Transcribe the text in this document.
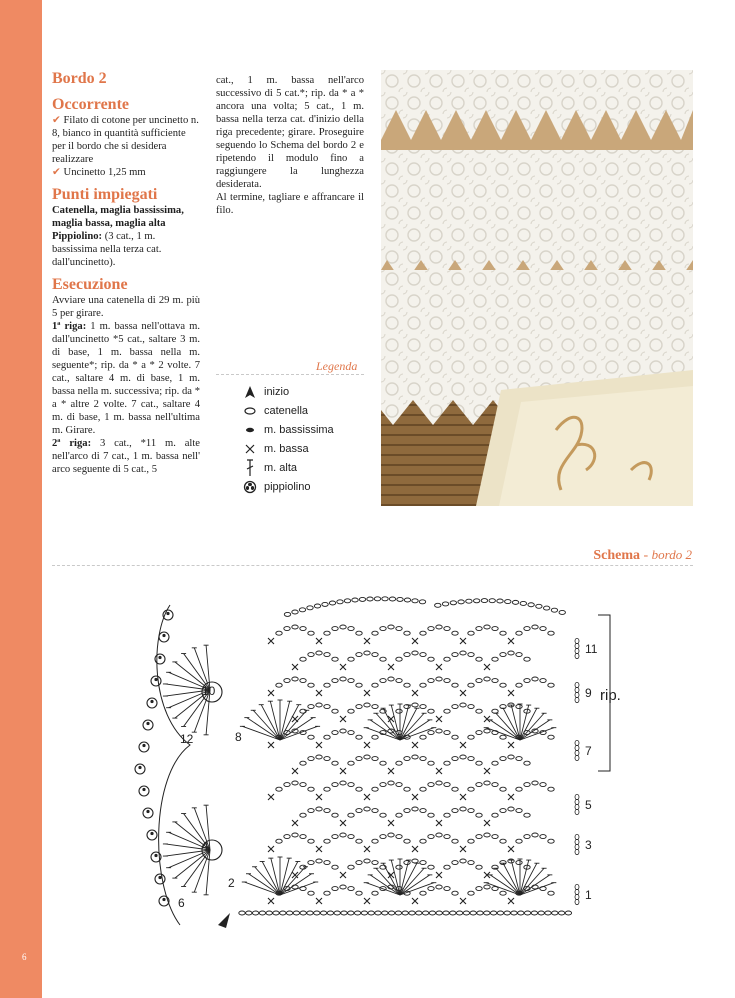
6
Bordo 2
Occorrente

✔ Filato di cotone per uncinetto n. 8, bianco in quantità sufficiente per il bordo che si desidera realizzare

✔ Uncinetto 1,25 mm

Punti impiegati

Catenella, maglia bassissima, maglia bassa, maglia alta

Pippiolino: (3 cat., 1 m. bassissima nella terza cat. dall'uncinetto).

Esecuzione

Avviare una catenella di 29 m. più 5 per girare.

1ª riga: 1 m. bassa nell'ottava m. dall'uncinetto *5 cat., saltare 3 m. di base, 1 m. bassa nella m. seguente*; rip. da * a * 2 volte. 7 cat., saltare 4 m. di base, 1 m. bassa nella m. successiva; rip. da * a * altre 2 volte. 7 cat., saltare 4 m. di base, 1 m. bassa nell'ultima m. Girare.

2ª riga: 3 cat., *11 m. alte nell'arco di 7 cat., 1 m. bassa nell' arco seguente di 5 cat., 5

cat., 1 m. bassa nell'arco successivo di 5 cat.*; rip. da * a * ancora una volta; 5 cat., 1 m. bassa nella terza cat. d'inizio della riga precedente; girare. Proseguire seguendo lo Schema del bordo 2 e ripetendo il modulo fino a raggiungere la lunghezza desiderata.

Al termine, tagliare e affrancare il filo.

Legenda
inizio
catenella
m. bassissima
m. bassa
m. alta
pippiolino
Schema - bordo 2
1
3
5
7
9
11
2
4
6
8
10
12
rip.
